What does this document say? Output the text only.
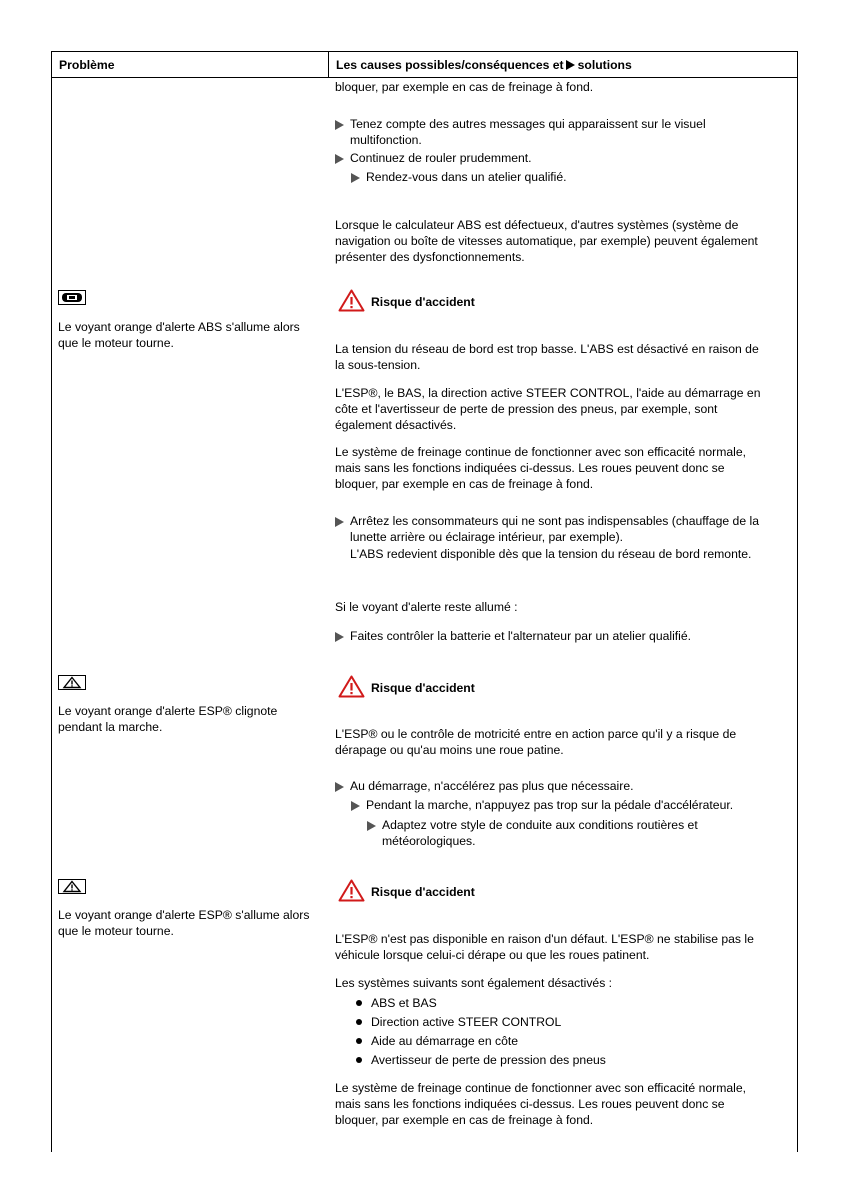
Problème	Les causes possibles/conséquences et solutions
bloquer, par exemple en cas de freinage à fond.
Tenez compte des autres messages qui apparaissent sur le visuel
multifonction.
Continuez de rouler prudemment.
Rendez-vous dans un atelier qualifié.
Lorsque le calculateur ABS est défectueux, d'autres systèmes (système de
navigation ou boîte de vitesses automatique, par exemple) peuvent également
présenter des dysfonctionnements.
Le voyant orange d'alerte ABS s'allume alors
que le moteur tourne.
Risque d'accident
La tension du réseau de bord est trop basse. L'ABS est désactivé en raison de
la sous-tension.
L'ESP®, le BAS, la direction active STEER CONTROL, l'aide au démarrage en
côte et l'avertisseur de perte de pression des pneus, par exemple, sont
également désactivés.
Le système de freinage continue de fonctionner avec son efficacité normale,
mais sans les fonctions indiquées ci-dessus. Les roues peuvent donc se
bloquer, par exemple en cas de freinage à fond.
Arrêtez les consommateurs qui ne sont pas indispensables (chauffage de la
lunette arrière ou éclairage intérieur, par exemple).
L'ABS redevient disponible dès que la tension du réseau de bord remonte.
Si le voyant d'alerte reste allumé :
Faites contrôler la batterie et l'alternateur par un atelier qualifié.
Le voyant orange d'alerte ESP® clignote
pendant la marche.
Risque d'accident
L'ESP® ou le contrôle de motricité entre en action parce qu'il y a risque de
dérapage ou qu'au moins une roue patine.
Au démarrage, n'accélérez pas plus que nécessaire.
Pendant la marche, n'appuyez pas trop sur la pédale d'accélérateur.
Adaptez votre style de conduite aux conditions routières et
météorologiques.
Le voyant orange d'alerte ESP® s'allume alors
que le moteur tourne.
Risque d'accident
L'ESP® n'est pas disponible en raison d'un défaut. L'ESP® ne stabilise pas le
véhicule lorsque celui-ci dérape ou que les roues patinent.
Les systèmes suivants sont également désactivés :
ABS et BAS
Direction active STEER CONTROL
Aide au démarrage en côte
Avertisseur de perte de pression des pneus
Le système de freinage continue de fonctionner avec son efficacité normale,
mais sans les fonctions indiquées ci-dessus. Les roues peuvent donc se
bloquer, par exemple en cas de freinage à fond.
